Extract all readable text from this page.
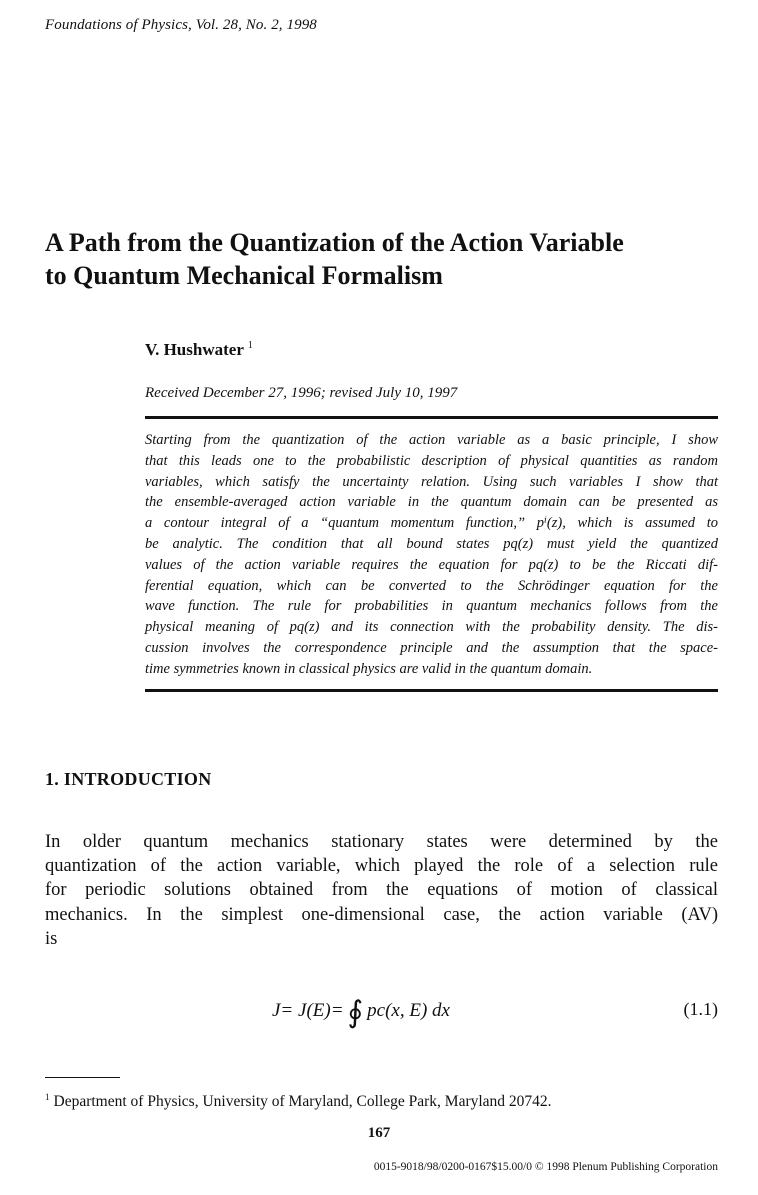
Foundations of Physics, Vol. 28, No. 2, 1998
A Path from the Quantization of the Action Variable
to Quantum Mechanical Formalism
V. Hushwater $^1$
Received December 27, 1996; revised July 10, 1997
Starting from the quantization of the action variable as a basic principle, I show
that this leads one to the probabilistic description of physical quantities as random
variables, which satisfy the uncertainty relation. Using such variables I show that
the ensemble-averaged action variable in the quantum domain can be presented as
a contour integral of a “quantum momentum function,” pⁱ(z), which is assumed to
be analytic. The condition that all bound states pq(z) must yield the quantized
values of the action variable requires the equation for pq(z) to be the Riccati dif-
ferential equation, which can be converted to the Schrödinger equation for the
wave function. The rule for probabilities in quantum mechanics follows from the
physical meaning of pq(z) and its connection with the probability density. The dis-
cussion involves the correspondence principle and the assumption that the space-
time symmetries known in classical physics are valid in the quantum domain.
1. INTRODUCTION
In older quantum mechanics stationary states were determined by the
quantization of the action variable, which played the role of a selection rule
for periodic solutions obtained from the equations of motion of classical
mechanics. In the simplest one-dimensional case, the action variable (AV)
is
J= J(E)= ∮ pc(x, E) dx	(1.1)
$^1$ Department of Physics, University of Maryland, College Park, Maryland 20742.
167
0015-9018/98/0200-0167$15.00/0 © 1998 Plenum Publishing Corporation
